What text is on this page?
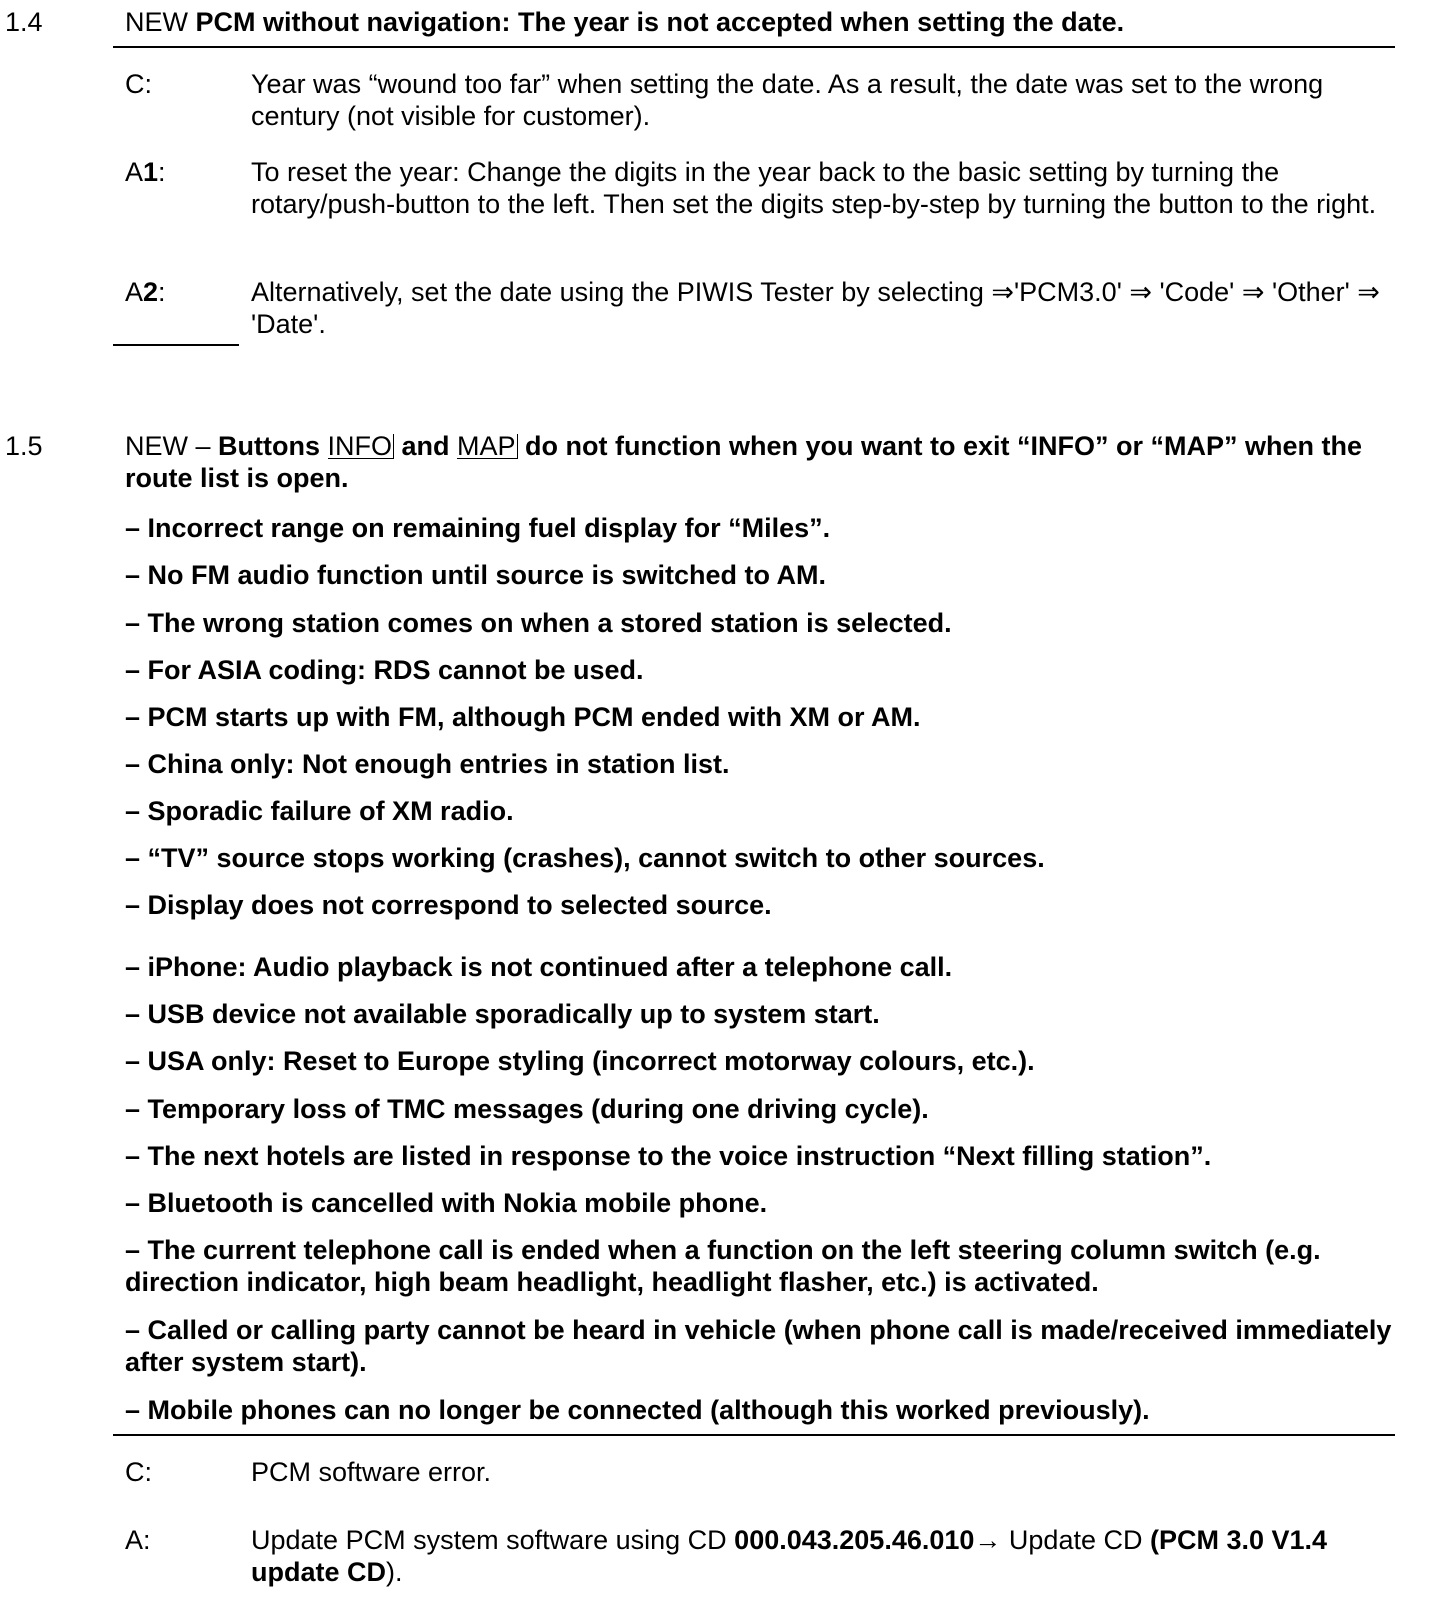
1.4	NEW PCM without navigation: The year is not accepted when setting the date.
C:	Year was “wound too far” when setting the date. As a result, the date was set to the wrong century (not visible for customer).
A1:	To reset the year: Change the digits in the year back to the basic setting by turning the rotary/push-button to the left. Then set the digits step-by-step by turning the button to the right.
A2:	Alternatively, set the date using the PIWIS Tester by selecting ⇒'PCM3.0' ⇒ 'Code' ⇒ 'Other' ⇒ 'Date'.
1.5	NEW – Buttons INFO and MAP do not function when you want to exit “INFO” or “MAP” when the route list is open.
– Incorrect range on remaining fuel display for “Miles”.
– No FM audio function until source is switched to AM.
– The wrong station comes on when a stored station is selected.
– For ASIA coding: RDS cannot be used.
– PCM starts up with FM, although PCM ended with XM or AM.
– China only: Not enough entries in station list.
– Sporadic failure of XM radio.
– “TV” source stops working (crashes), cannot switch to other sources.
– Display does not correspond to selected source.
– iPhone: Audio playback is not continued after a telephone call.
– USB device not available sporadically up to system start.
– USA only: Reset to Europe styling (incorrect motorway colours, etc.).
– Temporary loss of TMC messages (during one driving cycle).
– The next hotels are listed in response to the voice instruction “Next filling station”.
– Bluetooth is cancelled with Nokia mobile phone.
– The current telephone call is ended when a function on the left steering column switch (e.g. direction indicator, high beam headlight, headlight flasher, etc.) is activated.
– Called or calling party cannot be heard in vehicle (when phone call is made/received immediately after system start).
– Mobile phones can no longer be connected (although this worked previously).
C:	PCM software error.
A:	Update PCM system software using CD 000.043.205.46.010→ Update CD (PCM 3.0 V1.4 update CD).
